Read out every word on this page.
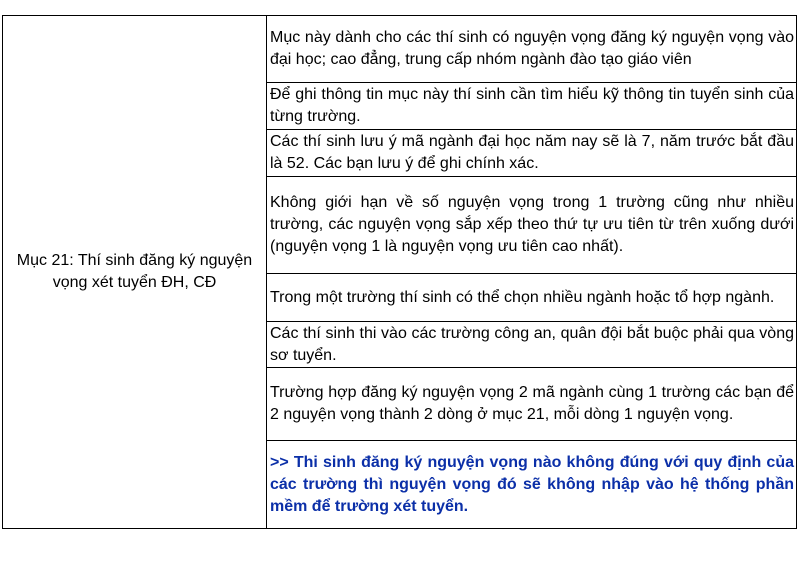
Mục 21: Thí sinh đăng ký nguyện vọng xét tuyển ĐH, CĐ
Mục này dành cho các thí sinh có nguyện vọng đăng ký nguyện vọng vào đại học; cao đẳng, trung cấp nhóm ngành đào tạo giáo viên
Để ghi thông tin mục này thí sinh cần tìm hiểu kỹ thông tin tuyển sinh của từng trường.
Các thí sinh lưu ý mã ngành đại học năm nay sẽ là 7, năm trước bắt đầu là 52. Các bạn lưu ý để ghi chính xác.
Không giới hạn về số nguyện vọng trong 1 trường cũng như nhiều trường, các nguyện vọng sắp xếp theo thứ tự ưu tiên từ trên xuống dưới (nguyện vọng 1 là nguyện vọng ưu tiên cao nhất).
Trong một trường thí sinh có thể chọn nhiều ngành hoặc tổ hợp ngành.
Các thí sinh thi vào các trường công an, quân đội bắt buộc phải qua vòng sơ tuyển.
Trường hợp đăng ký nguyện vọng 2 mã ngành cùng 1 trường các bạn để 2 nguyện vọng thành 2 dòng ở mục 21, mỗi dòng 1 nguyện vọng.
>> Thi sinh đăng ký nguyện vọng nào không đúng với quy định của các trường thì nguyện vọng đó sẽ không nhập vào hệ thống phần mềm để trường xét tuyển.
